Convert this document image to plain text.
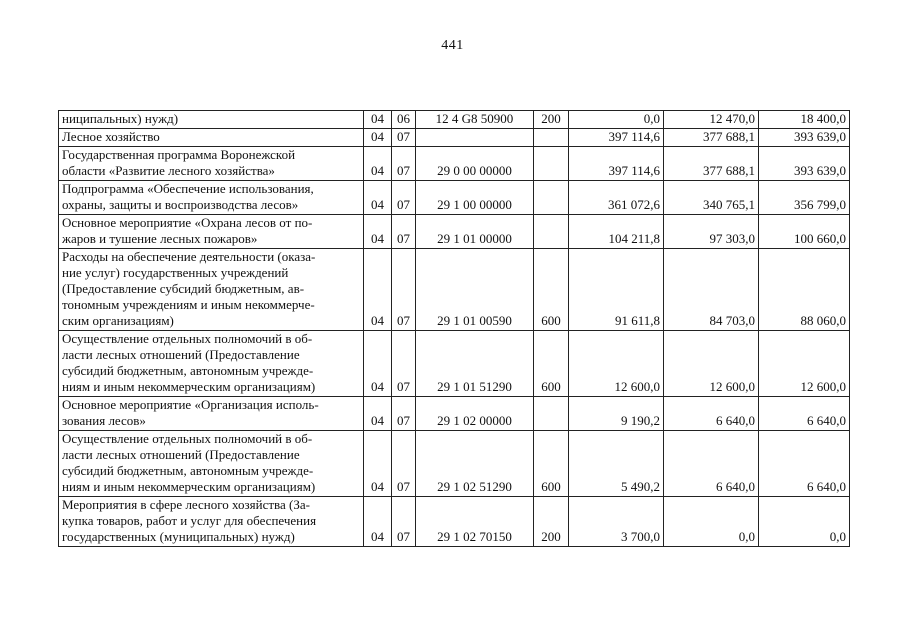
441
ниципальных) нужд)	04	06	12 4 G8 50900	200	0,0	12 470,0	18 400,0

Лесное хозяйство	04	07			397 114,6	377 688,1	393 639,0

Государственная программа Воронежской
области «Развитие лесного хозяйства»	04	07	29 0 00 00000		397 114,6	377 688,1	393 639,0

Подпрограмма «Обеспечение использования,
охраны, защиты и воспроизводства лесов»	04	07	29 1 00 00000		361 072,6	340 765,1	356 799,0

Основное мероприятие «Охрана лесов от по-
жаров и тушение лесных пожаров»	04	07	29 1 01 00000		104 211,8	97 303,0	100 660,0

Расходы на обеспечение деятельности (оказа-
ние услуг) государственных учреждений
(Предоставление субсидий бюджетным, ав-
тономным учреждениям и иным некоммерче-
ским организациям)	04	07	29 1 01 00590	600	91 611,8	84 703,0	88 060,0

Осуществление отдельных полномочий в об-
ласти лесных отношений (Предоставление
субсидий бюджетным, автономным учрежде-
ниям и иным некоммерческим организациям)	04	07	29 1 01 51290	600	12 600,0	12 600,0	12 600,0

Основное мероприятие «Организация исполь-
зования лесов»	04	07	29 1 02 00000		9 190,2	6 640,0	6 640,0

Осуществление отдельных полномочий в об-
ласти лесных отношений (Предоставление
субсидий бюджетным, автономным учрежде-
ниям и иным некоммерческим организациям)	04	07	29 1 02 51290	600	5 490,2	6 640,0	6 640,0

Мероприятия в сфере лесного хозяйства (За-
купка товаров, работ и услуг для обеспечения
государственных (муниципальных) нужд)	04	07	29 1 02 70150	200	3 700,0	0,0	0,0
